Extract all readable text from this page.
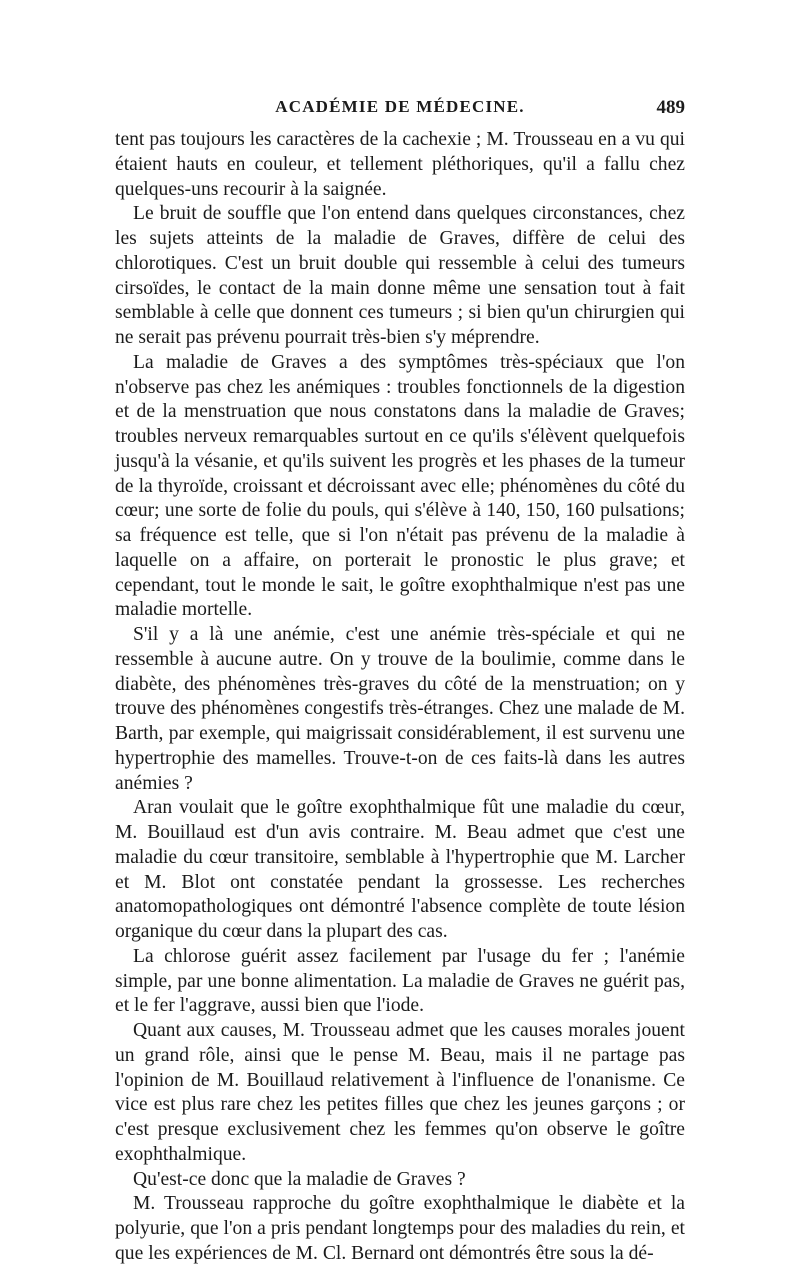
ACADÉMIE DE MÉDECINE.	489

tent pas toujours les caractères de la cachexie ; M. Trousseau en a vu qui étaient hauts en couleur, et tellement pléthoriques, qu'il a fallu chez quelques-uns recourir à la saignée.

Le bruit de souffle que l'on entend dans quelques circonstances, chez les sujets atteints de la maladie de Graves, diffère de celui des chlorotiques. C'est un bruit double qui ressemble à celui des tumeurs cirsoïdes, le contact de la main donne même une sensation tout à fait semblable à celle que donnent ces tumeurs ; si bien qu'un chirurgien qui ne serait pas prévenu pourrait très-bien s'y méprendre.

La maladie de Graves a des symptômes très-spéciaux que l'on n'observe pas chez les anémiques : troubles fonctionnels de la digestion et de la menstruation que nous constatons dans la maladie de Graves; troubles nerveux remarquables surtout en ce qu'ils s'élèvent quelquefois jusqu'à la vésanie, et qu'ils suivent les progrès et les phases de la tumeur de la thyroïde, croissant et décroissant avec elle; phénomènes du côté du cœur; une sorte de folie du pouls, qui s'élève à 140, 150, 160 pulsations; sa fréquence est telle, que si l'on n'était pas prévenu de la maladie à laquelle on a affaire, on porterait le pronostic le plus grave; et cependant, tout le monde le sait, le goître exophthalmique n'est pas une maladie mortelle.

S'il y a là une anémie, c'est une anémie très-spéciale et qui ne ressemble à aucune autre. On y trouve de la boulimie, comme dans le diabète, des phénomènes très-graves du côté de la menstruation; on y trouve des phénomènes congestifs très-étranges. Chez une malade de M. Barth, par exemple, qui maigrissait considérablement, il est survenu une hypertrophie des mamelles. Trouve-t-on de ces faits-là dans les autres anémies ?

Aran voulait que le goître exophthalmique fût une maladie du cœur, M. Bouillaud est d'un avis contraire. M. Beau admet que c'est une maladie du cœur transitoire, semblable à l'hypertrophie que M. Larcher et M. Blot ont constatée pendant la grossesse. Les recherches anatomopathologiques ont démontré l'absence complète de toute lésion organique du cœur dans la plupart des cas.

La chlorose guérit assez facilement par l'usage du fer ; l'anémie simple, par une bonne alimentation. La maladie de Graves ne guérit pas, et le fer l'aggrave, aussi bien que l'iode.

Quant aux causes, M. Trousseau admet que les causes morales jouent un grand rôle, ainsi que le pense M. Beau, mais il ne partage pas l'opinion de M. Bouillaud relativement à l'influence de l'onanisme. Ce vice est plus rare chez les petites filles que chez les jeunes garçons ; or c'est presque exclusivement chez les femmes qu'on observe le goître exophthalmique.

Qu'est-ce donc que la maladie de Graves ?

M. Trousseau rapproche du goître exophthalmique le diabète et la polyurie, que l'on a pris pendant longtemps pour des maladies du rein, et que les expériences de M. Cl. Bernard ont démontrés être sous la dé-
